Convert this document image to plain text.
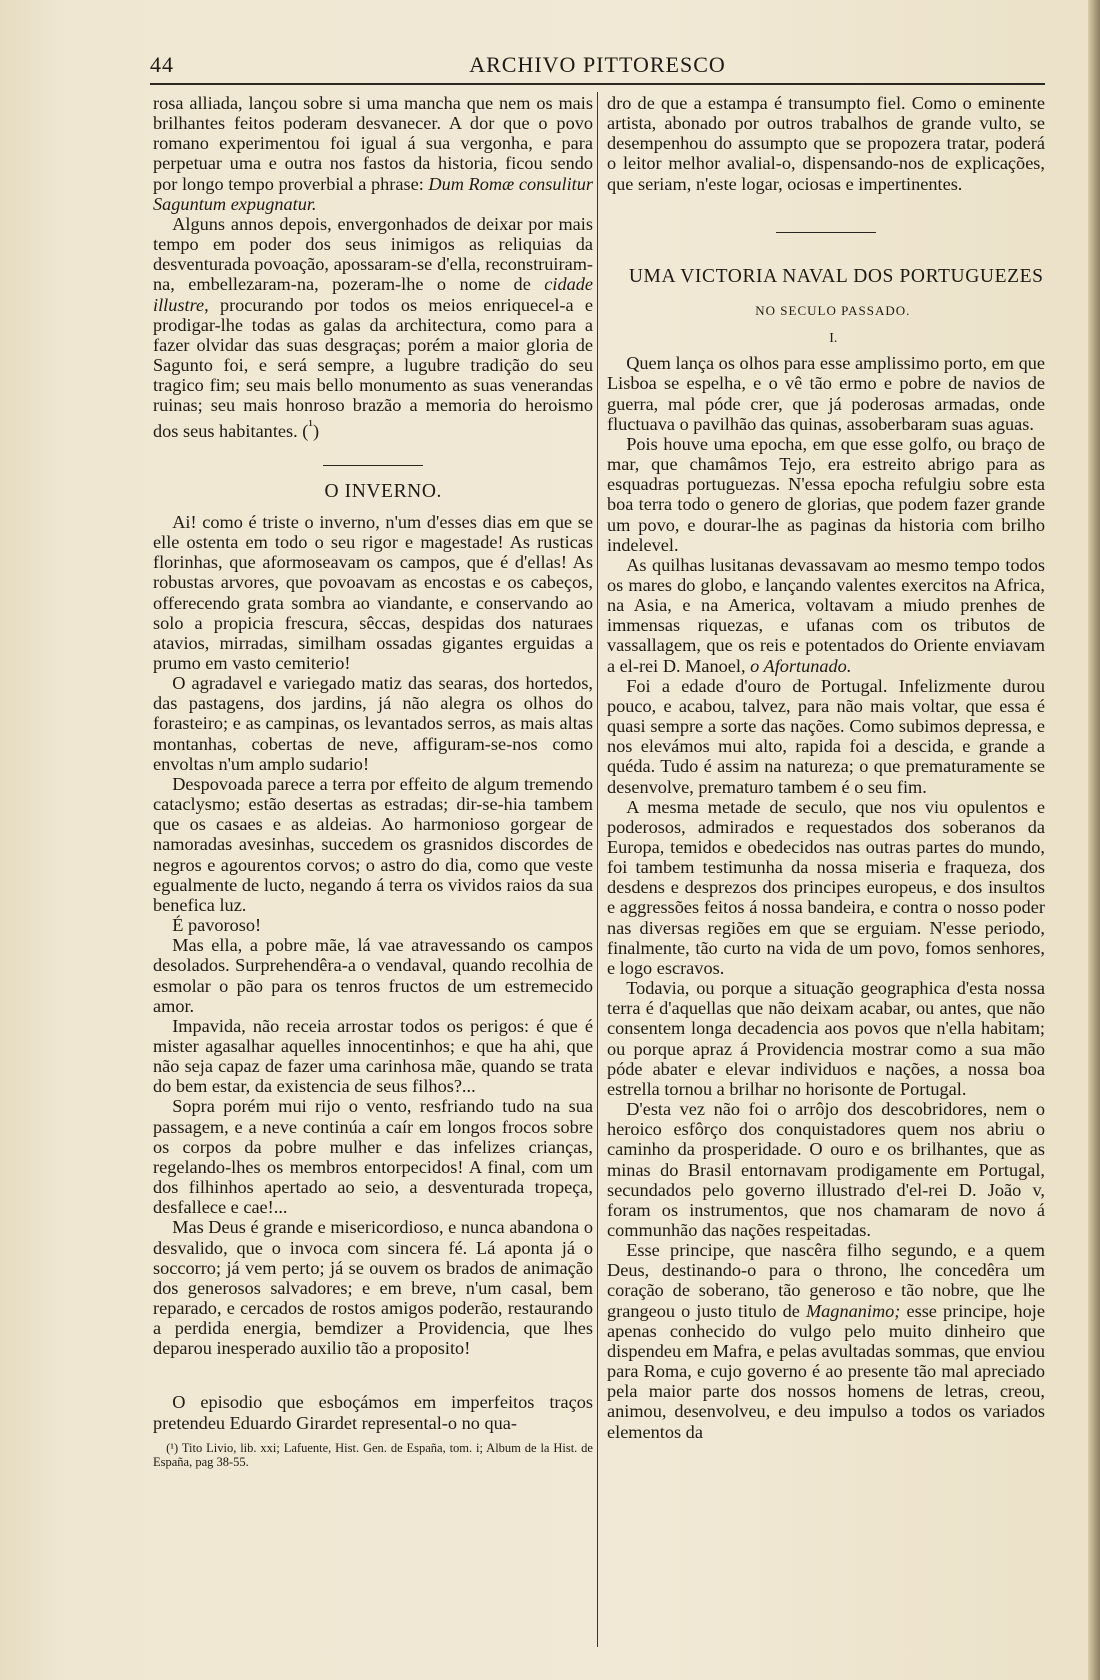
44	ARCHIVO PITTORESCO

rosa alliada, lançou sobre si uma mancha que nem os mais brilhantes feitos poderam desvanecer. A dor que o povo romano experimentou foi igual á sua vergonha, e para perpetuar uma e outra nos fastos da historia, ficou sendo por longo tempo proverbial a phrase: Dum Romæ consulitur Saguntum expugnatur.

Alguns annos depois, envergonhados de deixar por mais tempo em poder dos seus inimigos as reliquias da desventurada povoação, apossaram-se d'ella, reconstruiram-na, embellezaram-na, pozeram-lhe o nome de cidade illustre, procurando por todos os meios enriquecel-a e prodigar-lhe todas as galas da architectura, como para a fazer olvidar das suas desgraças; porém a maior gloria de Sagunto foi, e será sempre, a lugubre tradição do seu tragico fim; seu mais bello monumento as suas venerandas ruinas; seu mais honroso brazão a memoria do heroismo dos seus habitantes. ($^{^1}$)

O INVERNO.

Ai! como é triste o inverno, n'um d'esses dias em que se elle ostenta em todo o seu rigor e magestade! As rusticas florinhas, que aformoseavam os campos, que é d'ellas! As robustas arvores, que povoavam as encostas e os cabeços, offerecendo grata sombra ao viandante, e conservando ao solo a propicia frescura, sêccas, despidas dos naturaes atavios, mirradas, similham ossadas gigantes erguidas a prumo em vasto cemiterio!

O agradavel e variegado matiz das searas, dos hortedos, das pastagens, dos jardins, já não alegra os olhos do forasteiro; e as campinas, os levantados serros, as mais altas montanhas, cobertas de neve, affiguram-se-nos como envoltas n'um amplo sudario!

Despovoada parece a terra por effeito de algum tremendo cataclysmo; estão desertas as estradas; dir-se-hia tambem que os casaes e as aldeias. Ao harmonioso gorgear de namoradas avesinhas, succedem os grasnidos discordes de negros e agourentos corvos; o astro do dia, como que veste egualmente de lucto, negando á terra os vividos raios da sua benefica luz.

É pavoroso!

Mas ella, a pobre mãe, lá vae atravessando os campos desolados. Surprehendêra-a o vendaval, quando recolhia de esmolar o pão para os tenros fructos de um estremecido amor.

Impavida, não receia arrostar todos os perigos: é que é mister agasalhar aquelles innocentinhos; e que ha ahi, que não seja capaz de fazer uma carinhosa mãe, quando se trata do bem estar, da existencia de seus filhos?...

Sopra porém mui rijo o vento, resfriando tudo na sua passagem, e a neve continúa a caír em longos frocos sobre os corpos da pobre mulher e das infelizes crianças, regelando-lhes os membros entorpecidos! A final, com um dos filhinhos apertado ao seio, a desventurada tropeça, desfallece e cae!...

Mas Deus é grande e misericordioso, e nunca abandona o desvalido, que o invoca com sincera fé. Lá aponta já o soccorro; já vem perto; já se ouvem os brados de animação dos generosos salvadores; e em breve, n'um casal, bem reparado, e cercados de rostos amigos poderão, restaurando a perdida energia, bemdizer a Providencia, que lhes deparou inesperado auxilio tão a proposito!

O episodio que esboçámos em imperfeitos traços pretendeu Eduardo Girardet represental-o no qua-

(¹) Tito Livio, lib. xxi; Lafuente, Hist. Gen. de España, tom. i; Album de la Hist. de España, pag 38-55.

dro de que a estampa é transumpto fiel. Como o eminente artista, abonado por outros trabalhos de grande vulto, se desempenhou do assumpto que se propozera tratar, poderá o leitor melhor avalial-o, dispensando-nos de explicações, que seriam, n'este logar, ociosas e impertinentes.

UMA VICTORIA NAVAL DOS PORTUGUEZES

NO SECULO PASSADO.

I.

Quem lança os olhos para esse amplissimo porto, em que Lisboa se espelha, e o vê tão ermo e pobre de navios de guerra, mal póde crer, que já poderosas armadas, onde fluctuava o pavilhão das quinas, assoberbaram suas aguas.

Pois houve uma epocha, em que esse golfo, ou braço de mar, que chamâmos Tejo, era estreito abrigo para as esquadras portuguezas. N'essa epocha refulgiu sobre esta boa terra todo o genero de glorias, que podem fazer grande um povo, e dourar-lhe as paginas da historia com brilho indelevel.

As quilhas lusitanas devassavam ao mesmo tempo todos os mares do globo, e lançando valentes exercitos na Africa, na Asia, e na America, voltavam a miudo prenhes de immensas riquezas, e ufanas com os tributos de vassallagem, que os reis e potentados do Oriente enviavam a el-rei D. Manoel, o Afortunado.

Foi a edade d'ouro de Portugal. Infelizmente durou pouco, e acabou, talvez, para não mais voltar, que essa é quasi sempre a sorte das nações. Como subimos depressa, e nos elevámos mui alto, rapida foi a descida, e grande a quéda. Tudo é assim na natureza; o que prematuramente se desenvolve, prematuro tambem é o seu fim.

A mesma metade de seculo, que nos viu opulentos e poderosos, admirados e requestados dos soberanos da Europa, temidos e obedecidos nas outras partes do mundo, foi tambem testimunha da nossa miseria e fraqueza, dos desdens e desprezos dos principes europeus, e dos insultos e aggressões feitos á nossa bandeira, e contra o nosso poder nas diversas regiões em que se erguiam. N'esse periodo, finalmente, tão curto na vida de um povo, fomos senhores, e logo escravos.

Todavia, ou porque a situação geographica d'esta nossa terra é d'aquellas que não deixam acabar, ou antes, que não consentem longa decadencia aos povos que n'ella habitam; ou porque apraz á Providencia mostrar como a sua mão póde abater e elevar individuos e nações, a nossa boa estrella tornou a brilhar no horisonte de Portugal.

D'esta vez não foi o arrôjo dos descobridores, nem o heroico esfôrço dos conquistadores quem nos abriu o caminho da prosperidade. O ouro e os brilhantes, que as minas do Brasil entornavam prodigamente em Portugal, secundados pelo governo illustrado d'el-rei D. João v, foram os instrumentos, que nos chamaram de novo á communhão das nações respeitadas.

Esse principe, que nascêra filho segundo, e a quem Deus, destinando-o para o throno, lhe concedêra um coração de soberano, tão generoso e tão nobre, que lhe grangeou o justo titulo de Magnanimo; esse principe, hoje apenas conhecido do vulgo pelo muito dinheiro que dispendeu em Mafra, e pelas avultadas sommas, que enviou para Roma, e cujo governo é ao presente tão mal apreciado pela maior parte dos nossos homens de letras, creou, animou, desenvolveu, e deu impulso a todos os variados elementos da
